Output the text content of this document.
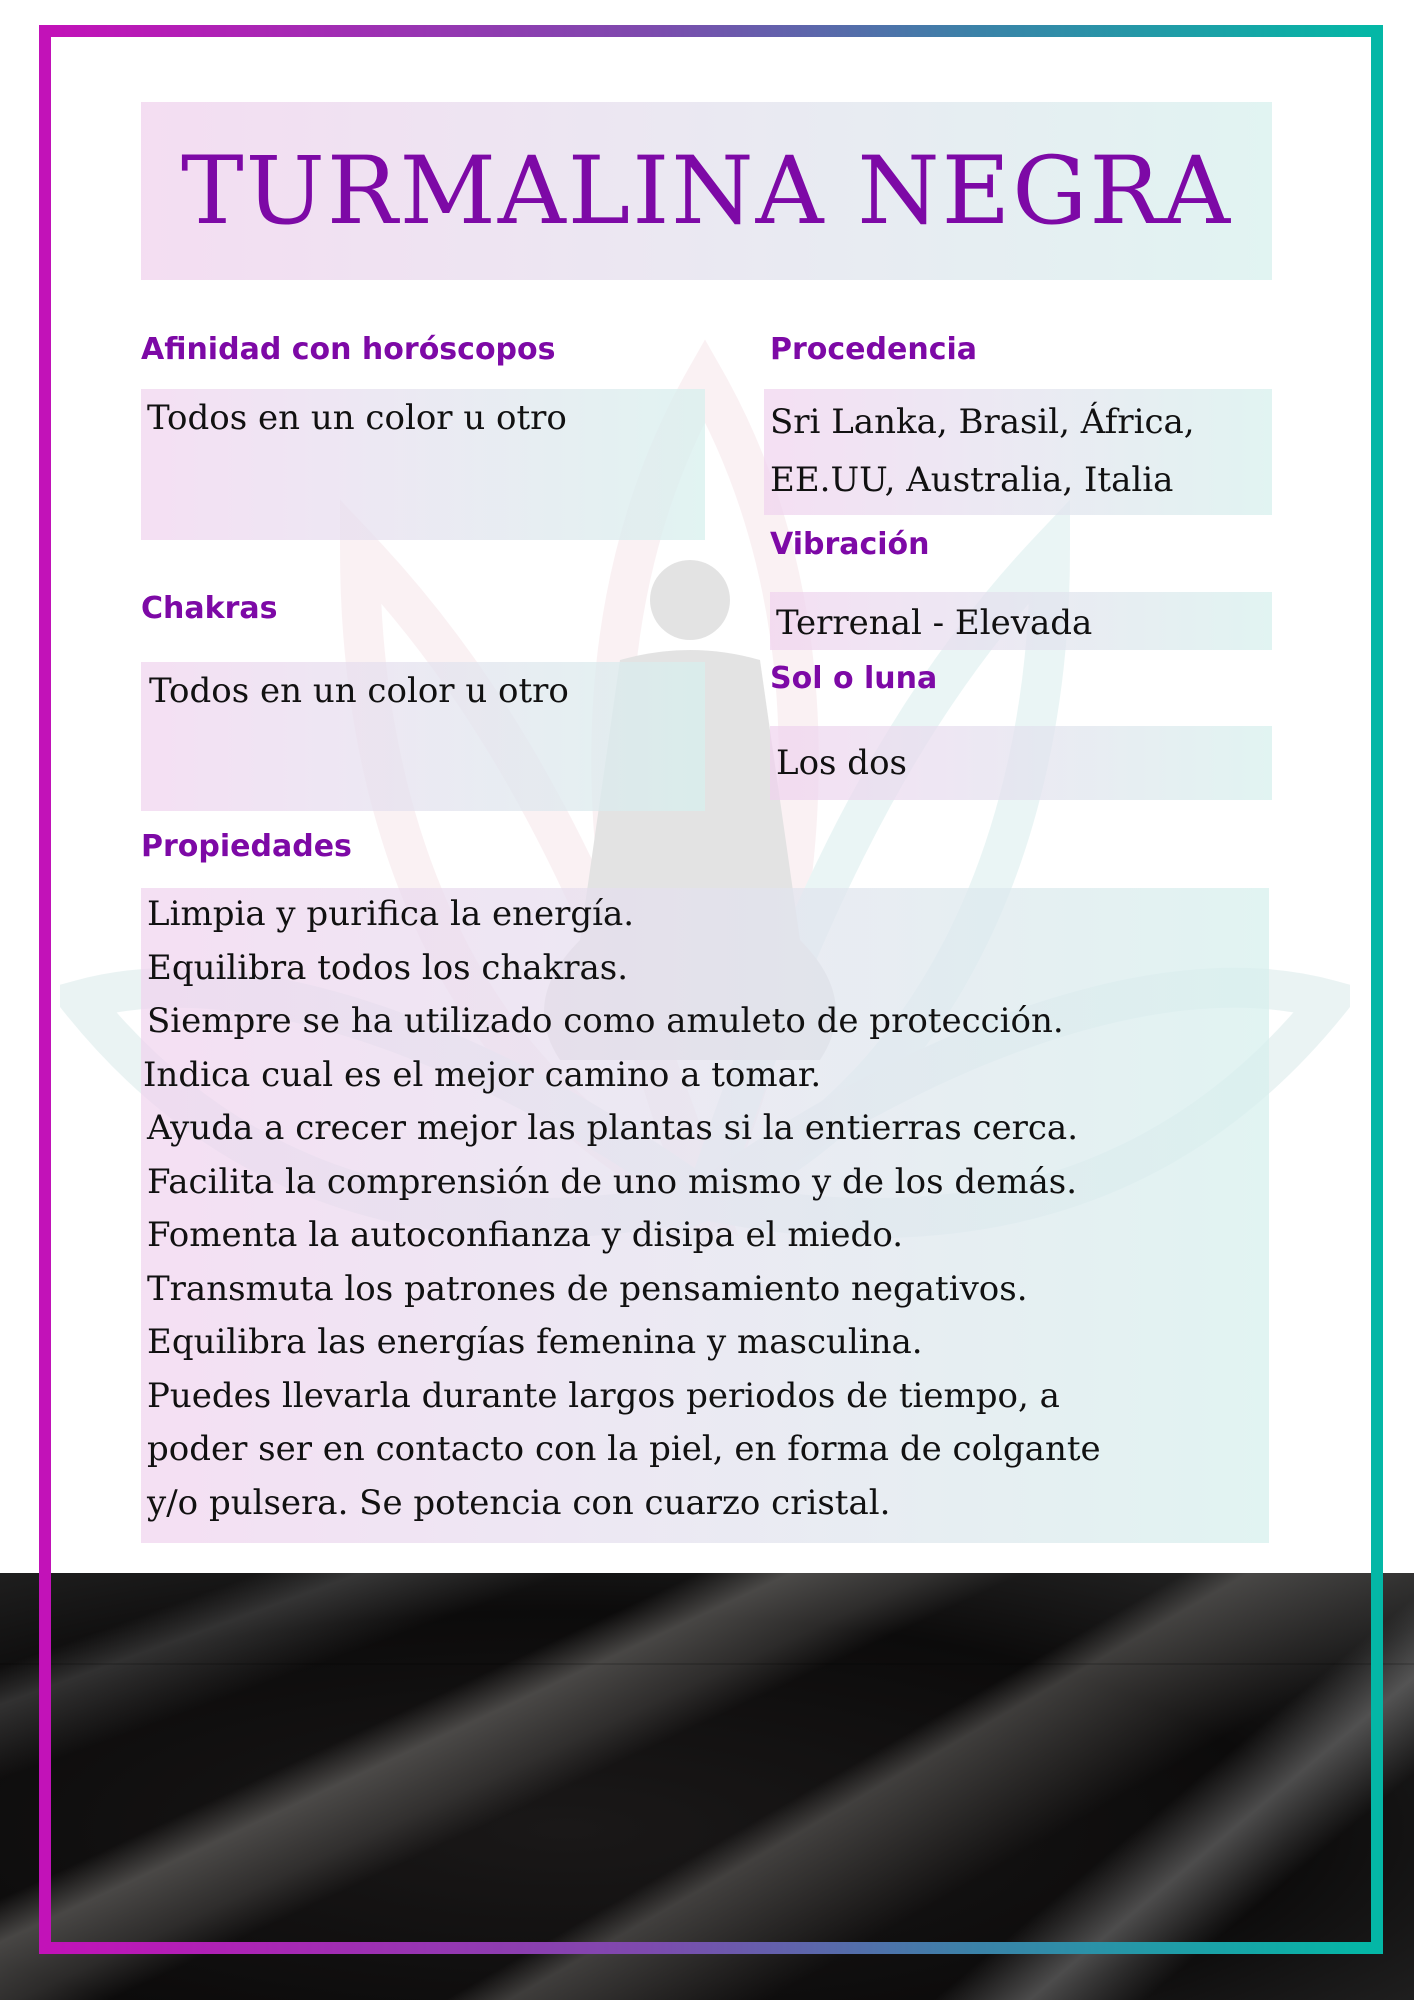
TURMALINA NEGRA
Afinidad con horóscopos
Todos en un color u otro
Procedencia
Sri Lanka, Brasil, África,
EE.UU, Australia, Italia
Vibración
Terrenal - Elevada
Chakras
Todos en un color u otro	Sol o luna
Los dos
Propiedades
Limpia y purifica la energía.
Equilibra todos los chakras.
Siempre se ha utilizado como amuleto de protección.
Indica cual es el mejor camino a tomar.
Ayuda a crecer mejor las plantas si la entierras cerca.
Facilita la comprensión de uno mismo y de los demás.
Fomenta la autoconfianza y disipa el miedo.
Transmuta los patrones de pensamiento negativos.
Equilibra las energías femenina y masculina.
Puedes llevarla durante largos periodos de tiempo, a
poder ser en contacto con la piel, en forma de colgante
y/o pulsera. Se potencia con cuarzo cristal.
